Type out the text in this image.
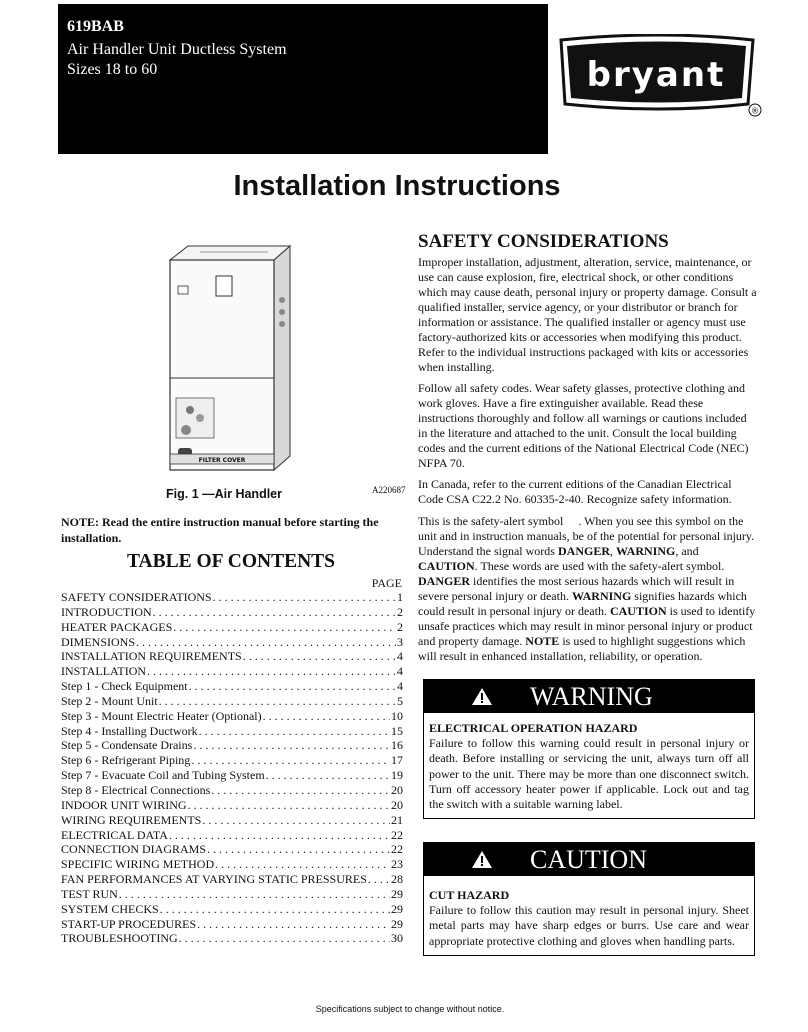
619BAB
Air Handler Unit Ductless System
Sizes 18 to 60	bryant
®
Installation Instructions
FILTER COVER
A220687
Fig. 1 —Air Handler
NOTE: Read the entire instruction manual before starting the installation.
TABLE OF CONTENTS
PAGE
SAFETY CONSIDERATIONS . . .	1
INTRODUCTION . . .	2
HEATER PACKAGES . . .	2
DIMENSIONS . . .	3
INSTALLATION REQUIREMENTS . . .	4
INSTALLATION . . .	4
Step 1 - Check Equipment . . .	4
Step 2 - Mount Unit . . .	5
Step 3 - Mount Electric Heater (Optional) . . .	10
Step 4 - Installing Ductwork . . .	15
Step 5 - Condensate Drains . . .	16
Step 6 - Refrigerant Piping . . .	17
Step 7 - Evacuate Coil and Tubing System . . .	19
Step 8 - Electrical Connections . . .	20
INDOOR UNIT WIRING . . .	20
WIRING REQUIREMENTS . . .	21
ELECTRICAL DATA . . .	22
CONNECTION DIAGRAMS . . .	22
SPECIFIC WIRING METHOD . . .	23
FAN PERFORMANCES AT VARYING STATIC PRESSURES . . . 28
TEST RUN . . .	29
SYSTEM CHECKS . . .	29
START-UP PROCEDURES . . .	29
TROUBLESHOOTING . . .	30
SAFETY CONSIDERATIONS
Improper installation, adjustment, alteration, service, maintenance, or use can cause explosion, fire, electrical shock, or other conditions which may cause death, personal injury or property damage. Consult a qualified installer, service agency, or your distributor or branch for information or assistance. The qualified installer or agency must use factory-authorized kits or accessories when modifying this product. Refer to the individual instructions packaged with kits or accessories when installing.
Follow all safety codes. Wear safety glasses, protective clothing and work gloves. Have a fire extinguisher available. Read these instructions thoroughly and follow all warnings or cautions included in the literature and attached to the unit. Consult the local building codes and the current editions of the National Electrical Code (NEC) NFPA 70.
In Canada, refer to the current editions of the Canadian Electrical Code CSA C22.2 No. 60335-2-40. Recognize safety information.
This is the safety-alert symbol . When you see this symbol on the unit and in instruction manuals, be of the potential for personal injury. Understand the signal words DANGER, WARNING, and CAUTION. These words are used with the safety-alert symbol. DANGER identifies the most serious hazards which will result in severe personal injury or death. WARNING signifies hazards which could result in personal injury or death. CAUTION is used to identify unsafe practices which may result in minor personal injury or product and property damage. NOTE is used to highlight suggestions which will result in enhanced installation, reliability, or operation.
WARNING
ELECTRICAL OPERATION HAZARD
Failure to follow this warning could result in personal injury or death. Before installing or servicing the unit, always turn off all power to the unit. There may be more than one disconnect switch. Turn off accessory heater power if applicable. Lock out and tag the switch with a suitable warning label.
CAUTION
CUT HAZARD
Failure to follow this caution may result in personal injury. Sheet metal parts may have sharp edges or burrs. Use care and wear appropriate protective clothing and gloves when handling parts.
Specifications subject to change without notice.
